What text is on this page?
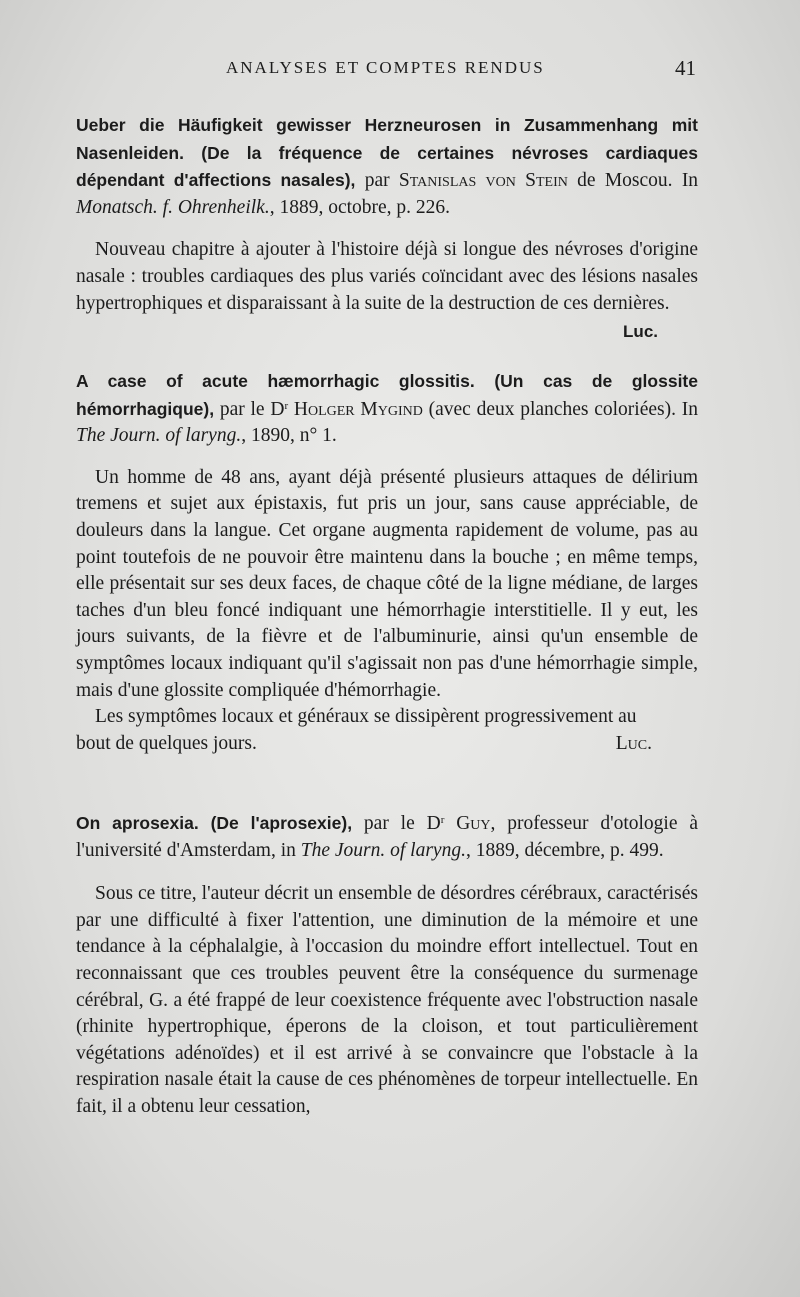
ANALYSES ET COMPTES RENDUS	41
Ueber die Häufigkeit gewisser Herzneurosen in Zusammenhang mit Nasenleiden. (De la fréquence de certaines névroses cardiaques dépendant d'affections nasales), par Stanislas von Stein de Moscou. In Monatsch. f. Ohrenheilk., 1889, octobre, p. 226.
Nouveau chapitre à ajouter à l'histoire déjà si longue des névroses d'origine nasale : troubles cardiaques des plus variés coïncidant avec des lésions nasales hypertrophiques et disparaissant à la suite de la destruction de ces dernières.
Luc.
A case of acute hæmorrhagic glossitis. (Un cas de glossite hémorrhagique), par le $D^r$ Holger Mygind (avec deux planches coloriées). In The Journ. of laryng., 1890, n° 1.
Un homme de 48 ans, ayant déjà présenté plusieurs attaques de délirium tremens et sujet aux épistaxis, fut pris un jour, sans cause appréciable, de douleurs dans la langue. Cet organe augmenta rapidement de volume, pas au point toutefois de ne pouvoir être maintenu dans la bouche ; en même temps, elle présentait sur ses deux faces, de chaque côté de la ligne médiane, de larges taches d'un bleu foncé indiquant une hémorrhagie interstitielle. Il y eut, les jours suivants, de la fièvre et de l'albuminurie, ainsi qu'un ensemble de symptômes locaux indiquant qu'il s'agissait non pas d'une hémorrhagie simple, mais d'une glossite compliquée d'hémorrhagie.
Les symptômes locaux et généraux se dissipèrent progressivement au
bout de quelques jours.	Luc.
On aprosexia. (De l'aprosexie), par le $D^r$ Guy, professeur d'otologie à l'université d'Amsterdam, in The Journ. of laryng., 1889, décembre, p. 499.
Sous ce titre, l'auteur décrit un ensemble de désordres cérébraux, caractérisés par une difficulté à fixer l'attention, une diminution de la mémoire et une tendance à la céphalalgie, à l'occasion du moindre effort intellectuel. Tout en reconnaissant que ces troubles peuvent être la conséquence du surmenage cérébral, G. a été frappé de leur coexistence fréquente avec l'obstruction nasale (rhinite hypertrophique, éperons de la cloison, et tout particulièrement végétations adénoïdes) et il est arrivé à se convaincre que l'obstacle à la respiration nasale était la cause de ces phénomènes de torpeur intellectuelle. En fait, il a obtenu leur cessation,
